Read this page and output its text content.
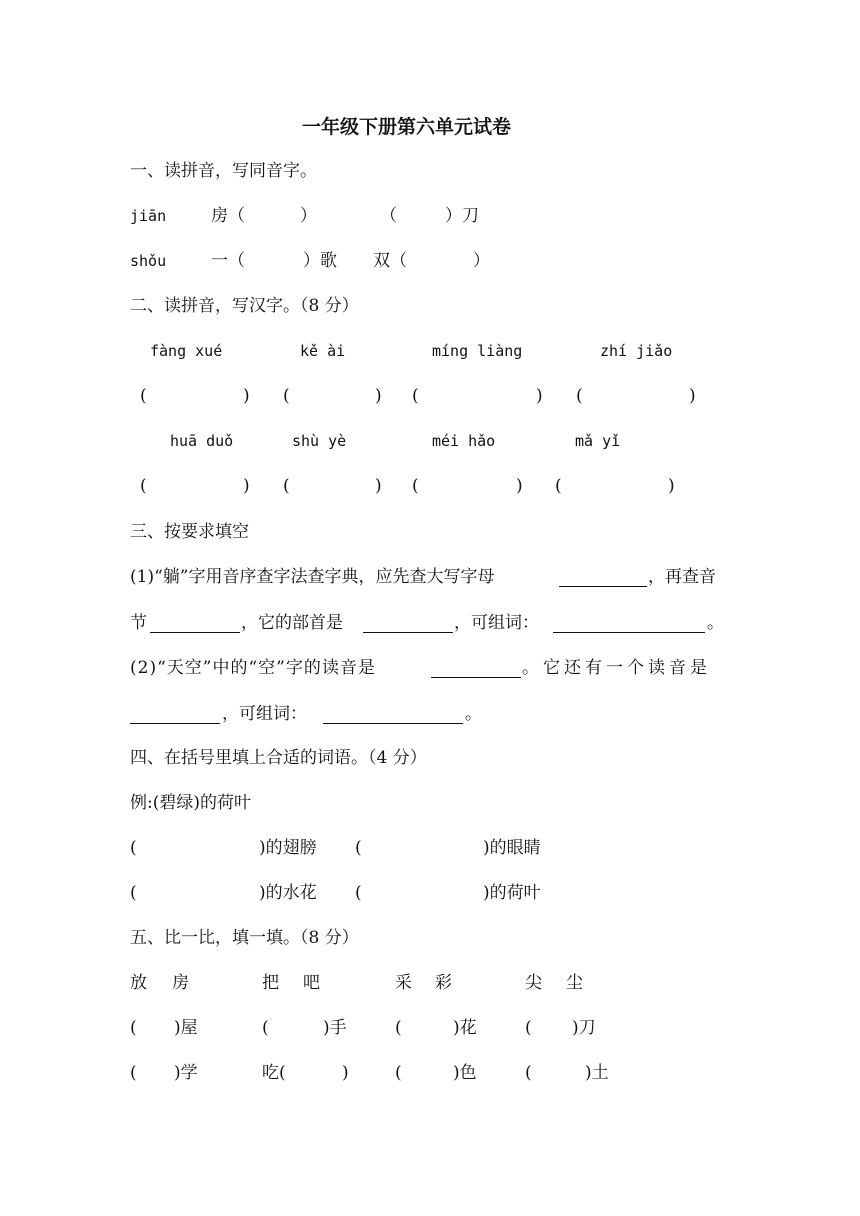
一年级下册第六单元试卷
一、读拼音，写同音字。
jiān	房（	）	（	）刀
shǒu	一（	）歌 双（	）
二、读拼音，写汉字。（8 分）
fàng xué	kě ài	míng liàng	zhí jiǎo
(	) (	) (	) (	)
huā duǒ	shù yè	méi hǎo	mǎ yǐ
(	) (	) (	) (	)
三、按要求填空
(1)“躺”字用音序查字法查字典，应先查大写字母	，再查音
节	，它的部首是	，可组词：	。
(2)“天空”中的“空”字的读音是	。它还有一个读音是
，可组词：	。
四、在括号里填上合适的词语。（4 分）
例:(碧绿)的荷叶
(	)的翅膀 (	)的眼睛
(	)的水花 (	)的荷叶
五、比一比，填一填。（8 分）
放 房	把 吧	采 彩	尖 尘
( )屋	(	)手	(	)花	( )刀
( )学	吃(	)	(	)色	(	)土
